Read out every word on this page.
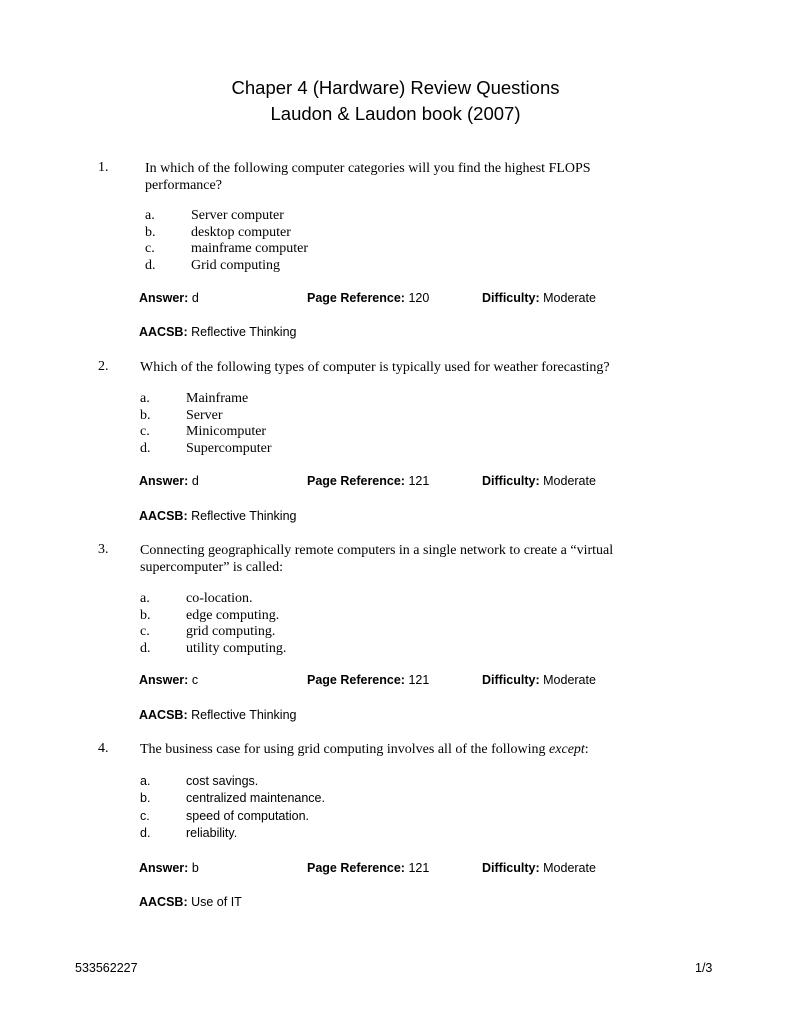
Chaper 4 (Hardware) Review Questions
Laudon & Laudon book (2007)
1.	In which of the following computer categories will you find the highest FLOPS performance?
a.	Server computer
b.	desktop computer
c.	mainframe computer
d.	Grid computing
Answer: d	Page Reference: 120	Difficulty: Moderate
AACSB: Reflective Thinking
2. Which of the following types of computer is typically used for weather forecasting?
a.	Mainframe
b.	Server
c.	Minicomputer
d.	Supercomputer
Answer: d	Page Reference: 121	Difficulty: Moderate
AACSB: Reflective Thinking
3. Connecting geographically remote computers in a single network to create a “virtual supercomputer” is called:
a.	co-location.
b.	edge computing.
c.	grid computing.
d.	utility computing.
Answer: c	Page Reference: 121	Difficulty: Moderate
AACSB: Reflective Thinking
4. The business case for using grid computing involves all of the following except:
a.	cost savings.
b.	centralized maintenance.
c.	speed of computation.
d.	reliability.
Answer: b	Page Reference: 121	Difficulty: Moderate
AACSB: Use of IT
533562227	1/3
